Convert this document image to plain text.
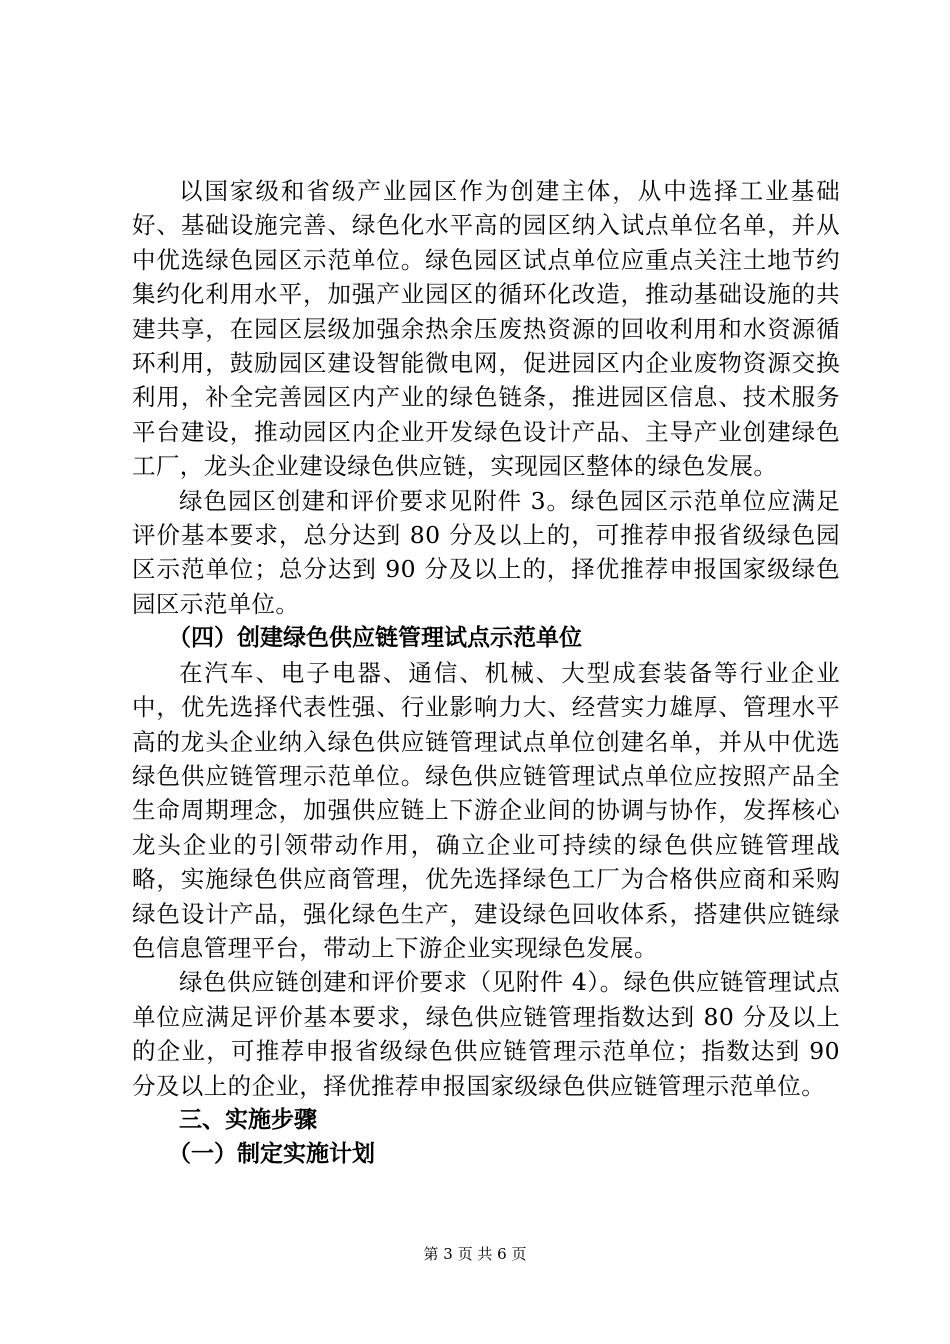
以国家级和省级产业园区作为创建主体，从中选择工业基础好、基础设施完善、绿色化水平高的园区纳入试点单位名单，并从中优选绿色园区示范单位。绿色园区试点单位应重点关注土地节约集约化利用水平，加强产业园区的循环化改造，推动基础设施的共建共享，在园区层级加强余热余压废热资源的回收利用和水资源循环利用，鼓励园区建设智能微电网，促进园区内企业废物资源交换利用，补全完善园区内产业的绿色链条，推进园区信息、技术服务平台建设，推动园区内企业开发绿色设计产品、主导产业创建绿色工厂，龙头企业建设绿色供应链，实现园区整体的绿色发展。

绿色园区创建和评价要求见附件 3。绿色园区示范单位应满足评价基本要求，总分达到 80 分及以上的，可推荐申报省级绿色园区示范单位；总分达到 90 分及以上的，择优推荐申报国家级绿色园区示范单位。

（四）创建绿色供应链管理试点示范单位

在汽车、电子电器、通信、机械、大型成套装备等行业企业中，优先选择代表性强、行业影响力大、经营实力雄厚、管理水平高的龙头企业纳入绿色供应链管理试点单位创建名单，并从中优选绿色供应链管理示范单位。绿色供应链管理试点单位应按照产品全生命周期理念，加强供应链上下游企业间的协调与协作，发挥核心龙头企业的引领带动作用，确立企业可持续的绿色供应链管理战略，实施绿色供应商管理，优先选择绿色工厂为合格供应商和采购绿色设计产品，强化绿色生产，建设绿色回收体系，搭建供应链绿色信息管理平台，带动上下游企业实现绿色发展。

绿色供应链创建和评价要求（见附件 4）。绿色供应链管理试点单位应满足评价基本要求，绿色供应链管理指数达到 80 分及以上的企业，可推荐申报省级绿色供应链管理示范单位；指数达到 90 分及以上的企业，择优推荐申报国家级绿色供应链管理示范单位。

三、实施步骤

（一）制定实施计划

第 3 页 共 6 页
